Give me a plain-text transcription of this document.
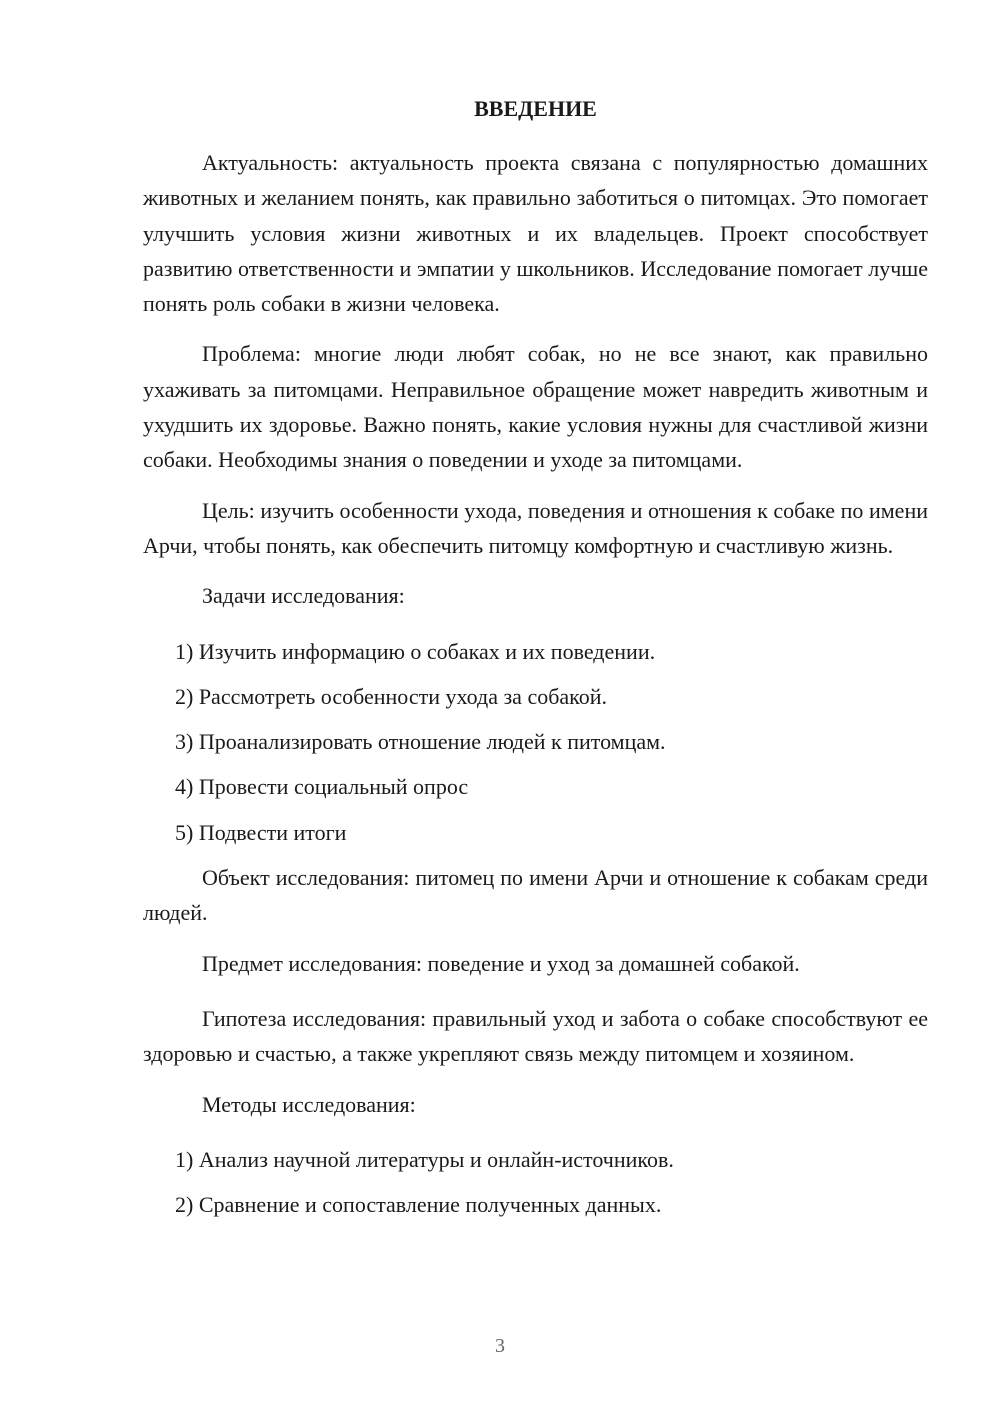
ВВЕДЕНИЕ

Актуальность: актуальность проекта связана с популярностью домашних животных и желанием понять, как правильно заботиться о питомцах. Это помогает улучшить условия жизни животных и их владельцев. Проект способствует развитию ответственности и эмпатии у школьников. Исследование помогает лучше понять роль собаки в жизни человека.

Проблема: многие люди любят собак, но не все знают, как правильно ухаживать за питомцами. Неправильное обращение может навредить животным и ухудшить их здоровье. Важно понять, какие условия нужны для счастливой жизни собаки. Необходимы знания о поведении и уходе за питомцами.

Цель: изучить особенности ухода, поведения и отношения к собаке по имени Арчи, чтобы понять, как обеспечить питомцу комфортную и счастливую жизнь.

Задачи исследования:

1) Изучить информацию о собаках и их поведении.
2) Рассмотреть особенности ухода за собакой.
3) Проанализировать отношение людей к питомцам.
4) Провести социальный опрос
5) Подвести итоги

Объект исследования: питомец по имени Арчи и отношение к собакам среди людей.

Предмет исследования: поведение и уход за домашней собакой.

Гипотеза исследования: правильный уход и забота о собаке способствуют ее здоровью и счастью, а также укрепляют связь между питомцем и хозяином.

Методы исследования:

1) Анализ научной литературы и онлайн-источников.
2) Сравнение и сопоставление полученных данных.
3
